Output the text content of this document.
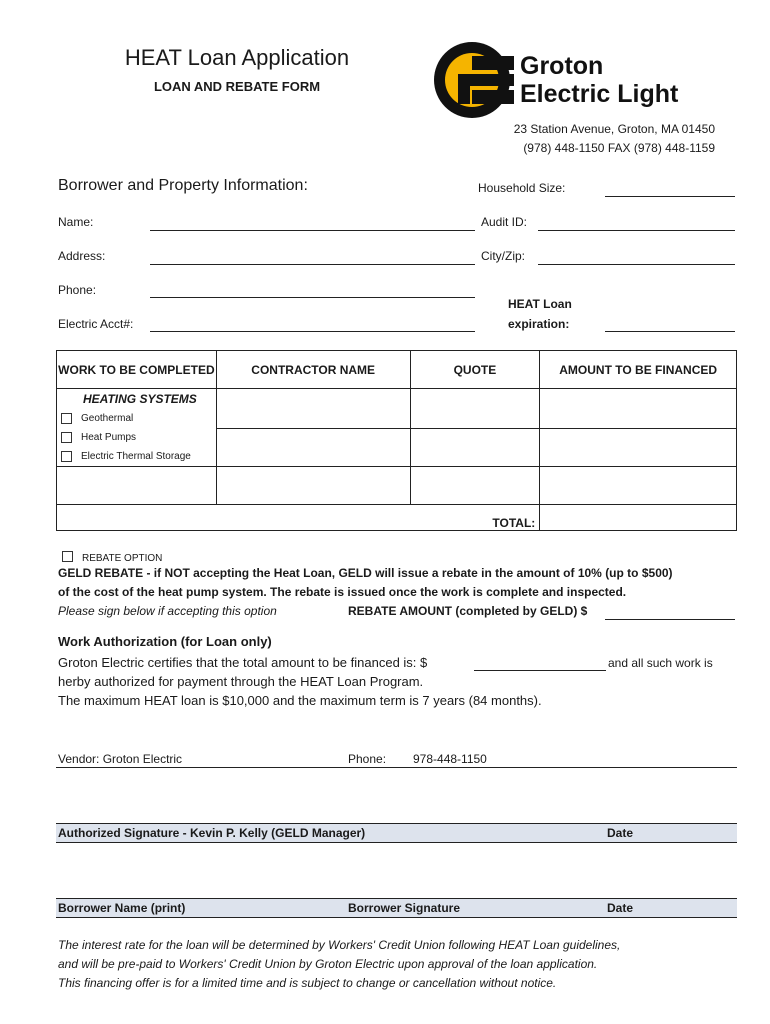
HEAT Loan Application
LOAN AND REBATE FORM
Groton
Electric Light
23 Station Avenue, Groton, MA 01450
(978) 448-1150 FAX (978) 448-1159
Borrower and Property Information:
Name:
Address:
Phone:
Electric Acct#:
Household Size:
Audit ID:
City/Zip:
HEAT Loan
expiration:
WORK TO BE COMPLETED	CONTRACTOR NAME	QUOTE	AMOUNT TO BE FINANCED

HEATING SYSTEMS
Geothermal
Heat Pumps
Electric Thermal Storage			

TOTAL:			
REBATE OPTION
GELD REBATE - if NOT accepting the Heat Loan, GELD will issue a rebate in the amount of 10% (up to $500)
of the cost of the heat pump system. The rebate is issued once the work is complete and inspected.
Please sign below if accepting this option	REBATE AMOUNT (completed by GELD) $
Work Authorization (for Loan only)
Groton Electric certifies that the total amount to be financed is: $	and all such work is
herby authorized for payment through the HEAT Loan Program.
The maximum HEAT loan is $10,000 and the maximum term is 7 years (84 months).
Vendor: Groton Electric	Phone: 978-448-1150
Authorized Signature - Kevin P. Kelly (GELD Manager)	Date
Borrower Name (print)	Borrower Signature	Date
The interest rate for the loan will be determined by Workers' Credit Union following HEAT Loan guidelines,
and will be pre-paid to Workers' Credit Union by Groton Electric upon approval of the loan application.
This financing offer is for a limited time and is subject to change or cancellation without notice.
